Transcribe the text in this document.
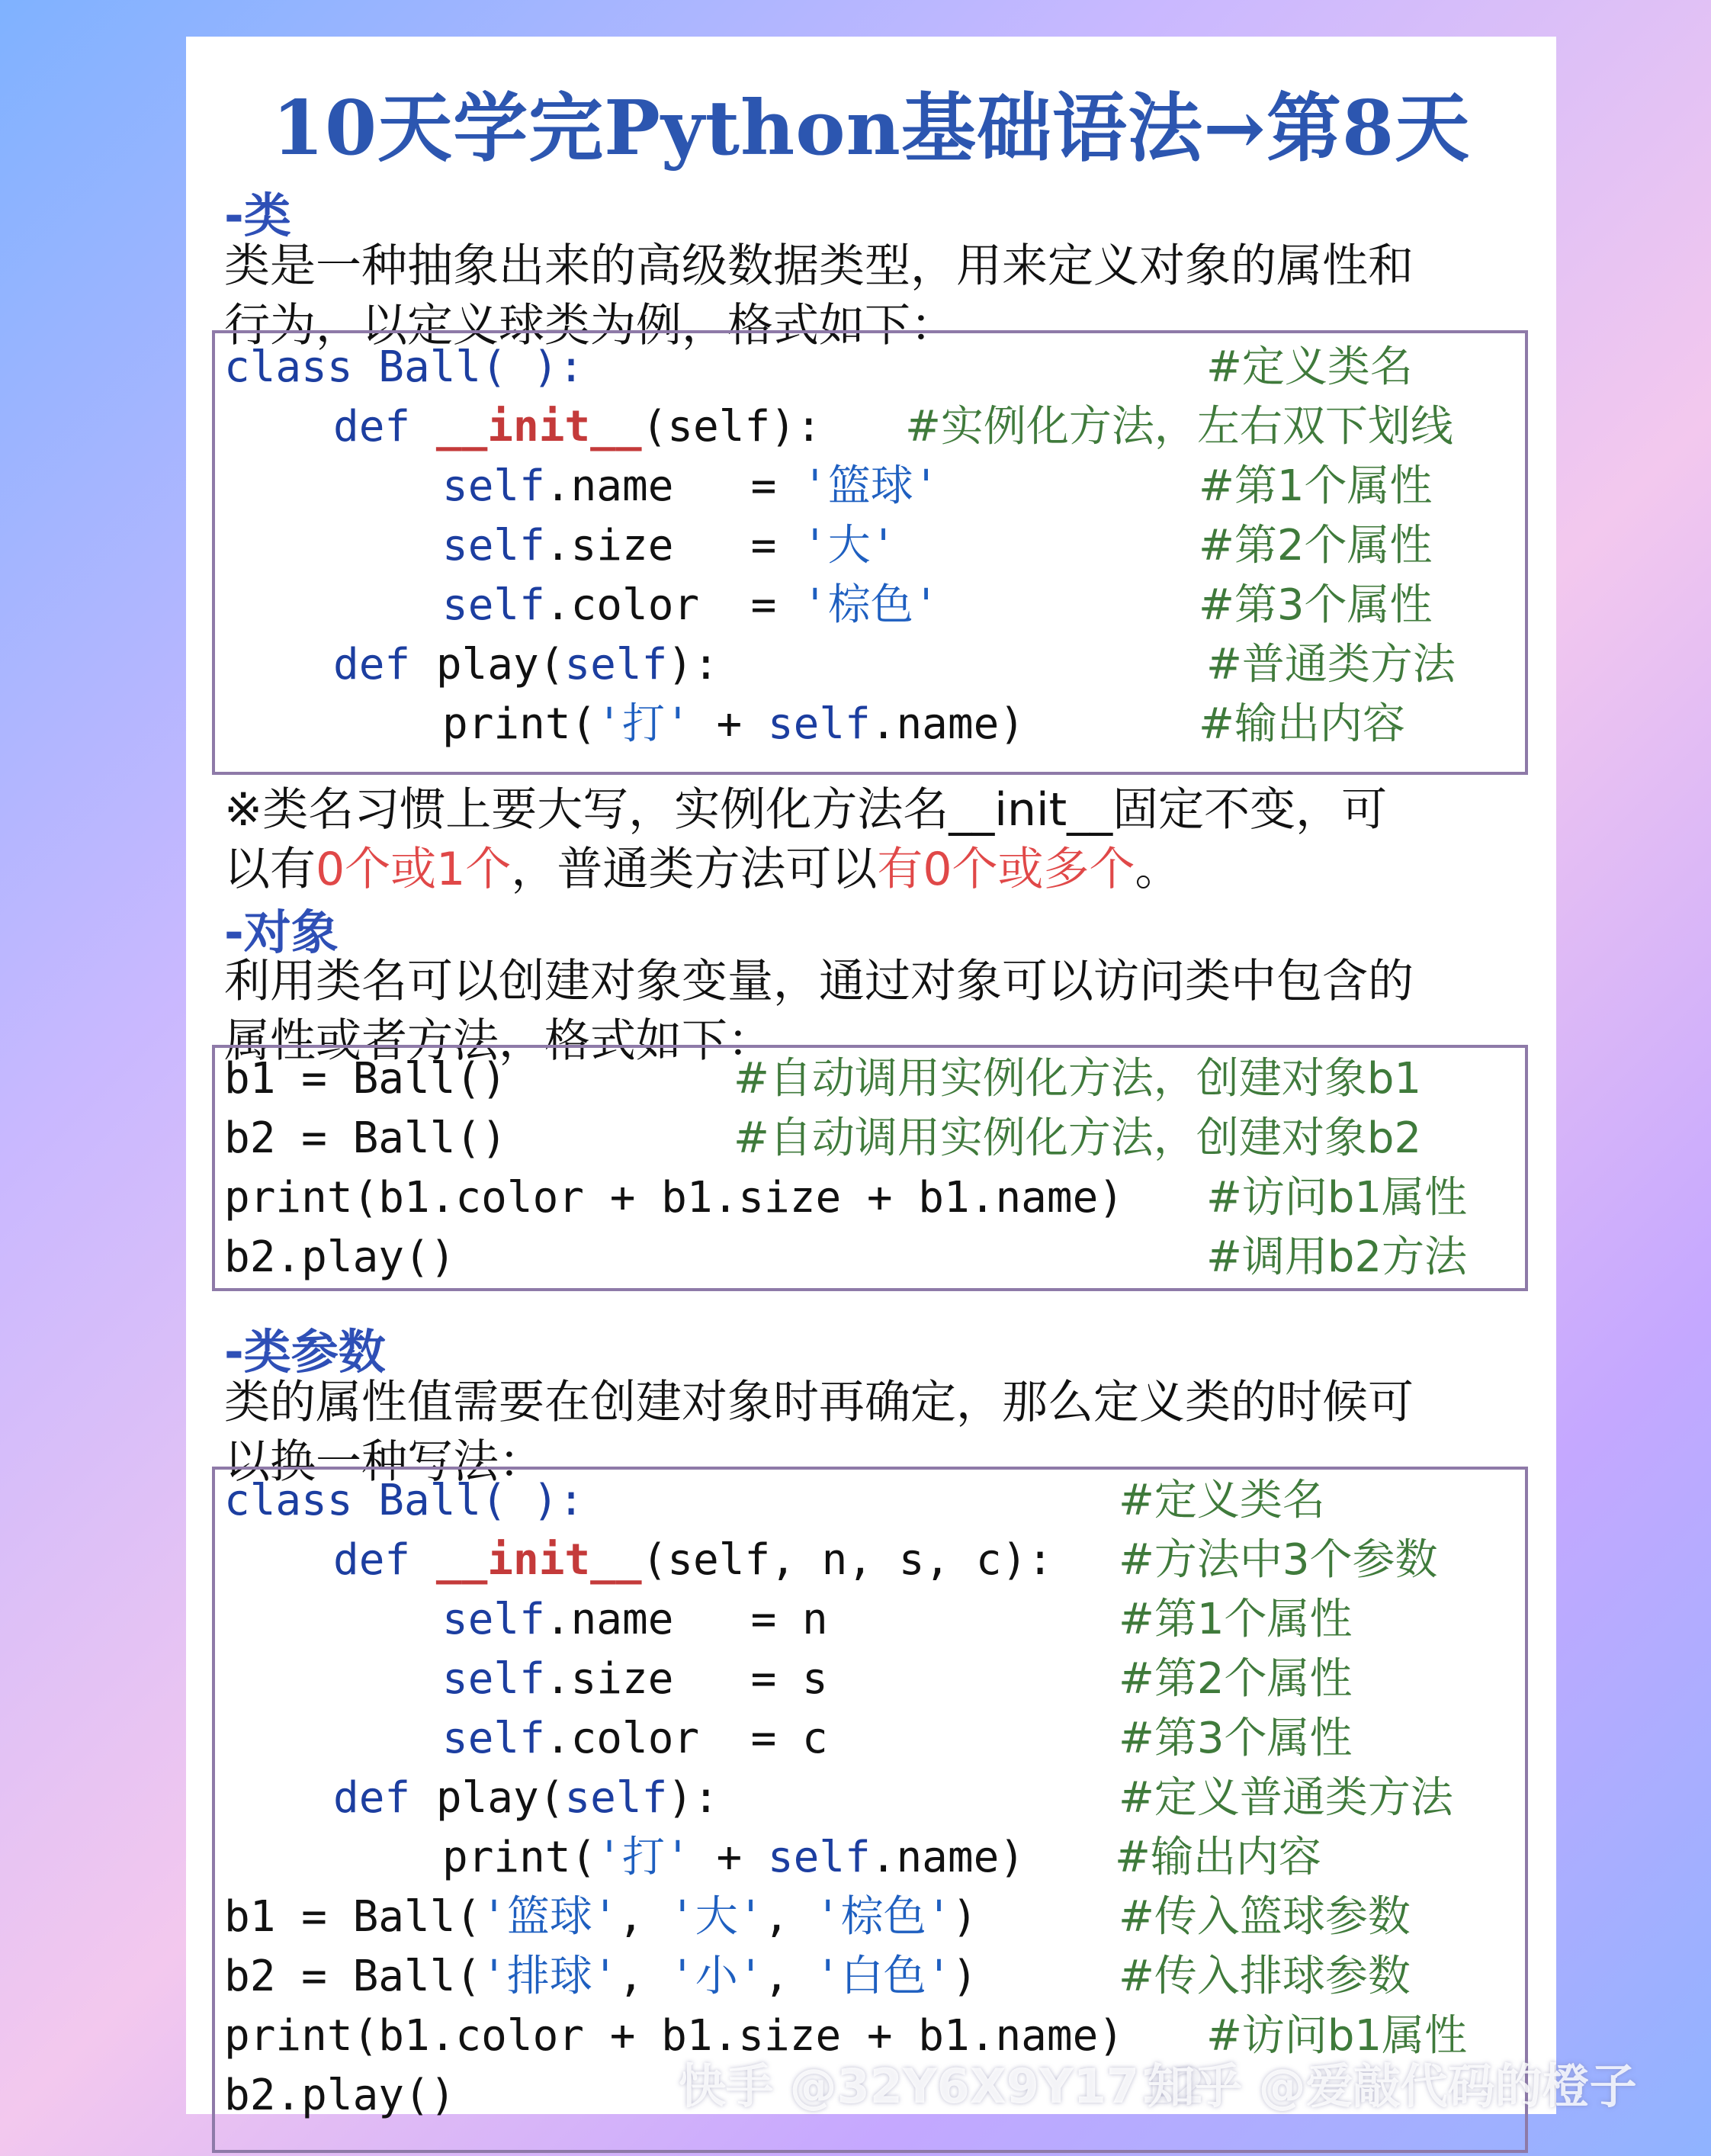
10天学完Python基础语法→第8天
-类
类是一种抽象出来的高级数据类型，用来定义对象的属性和
行为，以定义球类为例，格式如下：
class Ball( ):	#定义类名
def __init__(self): #实例化方法，左右双下划线
self.name   = '篮球'	#第1个属性
self.size   = '大'	#第2个属性
self.color  = '棕色'	#第3个属性
def play(self):	#普通类方法
print('打' + self.name)	#输出内容
※类名习惯上要大写，实例化方法名__init__固定不变，可
以有0个或1个，普通类方法可以有0个或多个。
-对象
利用类名可以创建对象变量，通过对象可以访问类中包含的
属性或者方法，格式如下：
b1 = Ball()	#自动调用实例化方法，创建对象b1
b2 = Ball()	#自动调用实例化方法，创建对象b2
print(b1.color + b1.size + b1.name) #访问b1属性
b2.play()	#调用b2方法
-类参数
类的属性值需要在创建对象时再确定，那么定义类的时候可
以换一种写法：
class Ball( ):	#定义类名
def __init__(self, n, s, c): #方法中3个参数
self.name   = n	#第1个属性
self.size   = s	#第2个属性
self.color  = c	#第3个属性
def play(self):	#定义普通类方法
print('打' + self.name) #输出内容
b1 = Ball('篮球', '大', '棕色')	#传入篮球参数
b2 = Ball('排球', '小', '白色')	#传入排球参数
print(b1.color + b1.size + b1.name) #访问b1属性
b2.play()	快手 @32Y6X9Y1712
知乎 @爱敲代码的橙子
